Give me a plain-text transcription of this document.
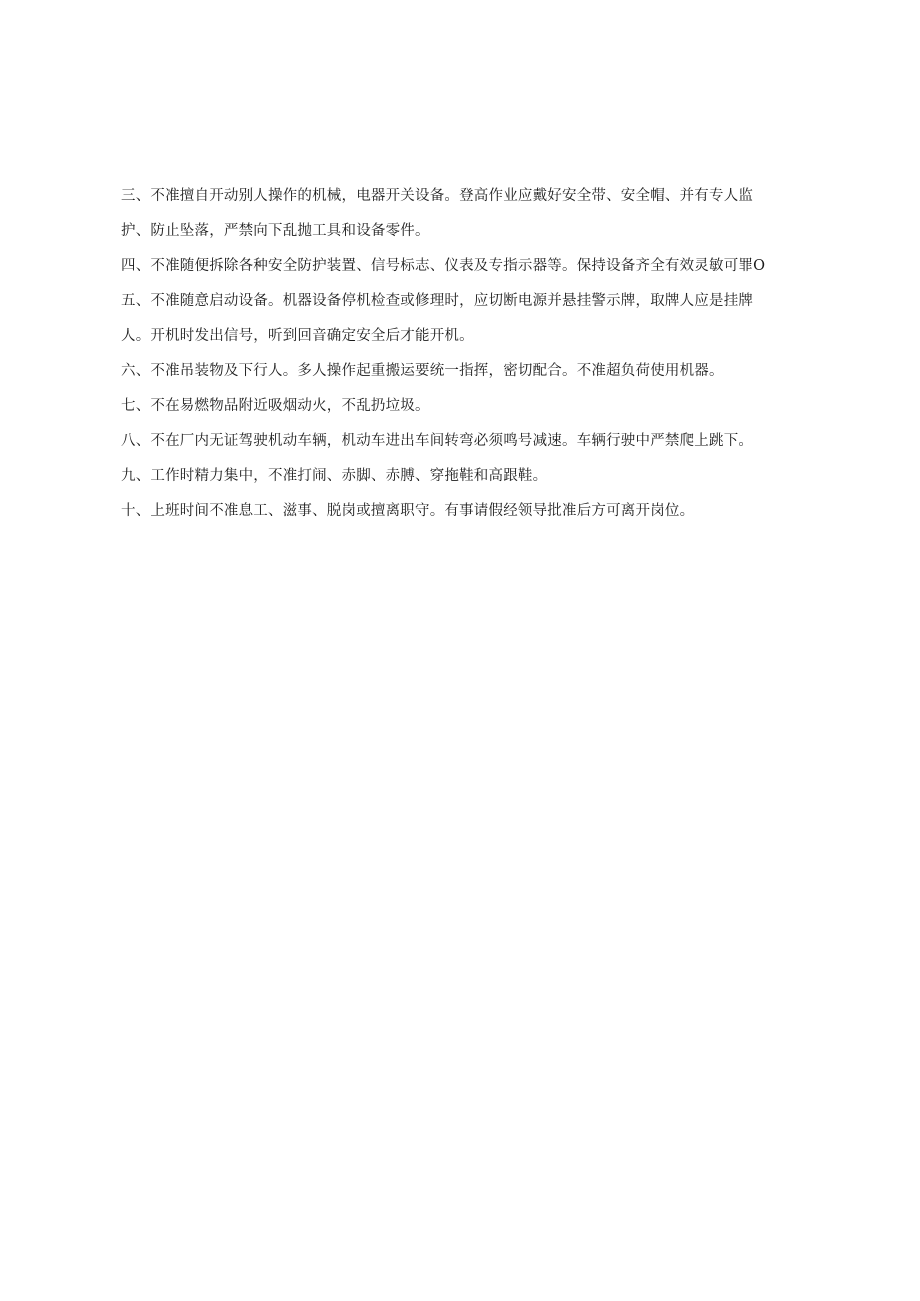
三、不准擅自开动别人操作的机械，电器开关设备。登高作业应戴好安全带、安全帽、并有专人监
护、防止坠落，严禁向下乱抛工具和设备零件。
四、不准随便拆除各种安全防护装置、信号标志、仪表及专指示器等。保持设备齐全有效灵敏可罪O
五、不准随意启动设备。机器设备停机检查或修理时，应切断电源并悬挂警示牌，取牌人应是挂牌
人。开机时发出信号，听到回音确定安全后才能开机。
六、不准吊装物及下行人。多人操作起重搬运要统一指挥，密切配合。不准超负荷使用机器。
七、不在易燃物品附近吸烟动火，不乱扔垃圾。
八、不在厂内无证驾驶机动车辆，机动车进出车间转弯必须鸣号减速。车辆行驶中严禁爬上跳下。
九、工作时精力集中，不准打闹、赤脚、赤膊、穿拖鞋和高跟鞋。
十、上班时间不准息工、滋事、脱岗或擅离职守。有事请假经领导批准后方可离开岗位。
